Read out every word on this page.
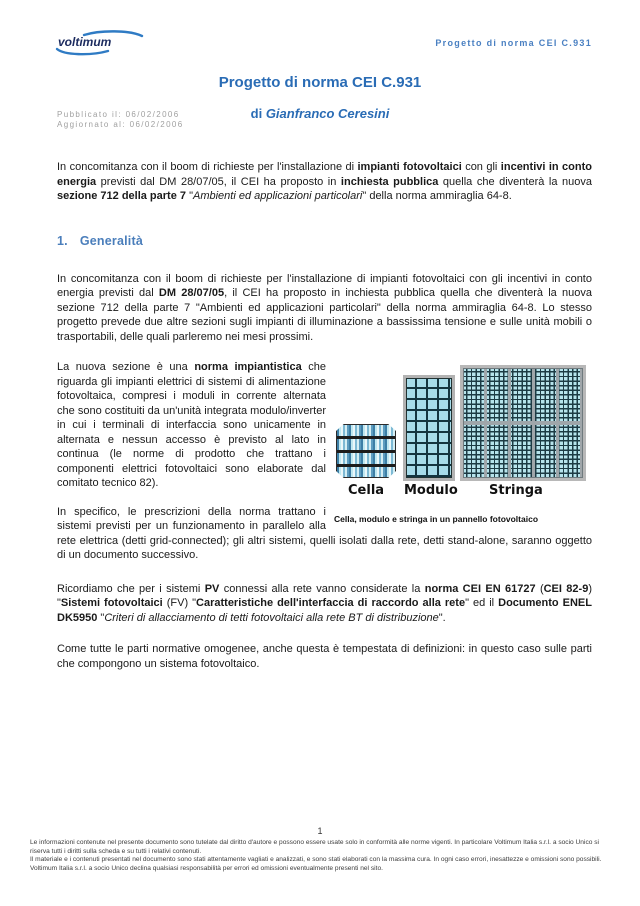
voltimum	Progetto di norma CEI C.931
Progetto di norma CEI C.931
di Gianfranco Ceresini
Pubblicato il: 06/02/2006
Aggiornato al: 06/02/2006

In concomitanza con il boom di richieste per l'installazione di impianti fotovoltaici con gli incentivi in conto energia previsti dal DM 28/07/05, il CEI ha proposto in inchiesta pubblica quella che diventerà la nuova sezione 712 della parte 7 "Ambienti ed applicazioni particolari" della norma ammiraglia 64-8.

1. Generalità

In concomitanza con il boom di richieste per l'installazione di impianti fotovoltaici con gli incentivi in conto energia previsti dal DM 28/07/05, il CEI ha proposto in inchiesta pubblica quella che diventerà la nuova sezione 712 della parte 7 "Ambienti ed applicazioni particolari" della norma ammiraglia 64-8. Lo stesso progetto prevede due altre sezioni sugli impianti di illuminazione a bassissima tensione e sulle unità mobili o trasportabili, delle quali parleremo nei mesi prossimi.

Cella Modulo Stringa
Cella, modulo e stringa in un pannello fotovoltaico

La nuova sezione è una norma impiantistica che riguarda gli impianti elettrici di sistemi di alimentazione fotovoltaica, compresi i moduli in corrente alternata che sono costituiti da un'unità integrata modulo/inverter in cui i terminali di interfaccia sono unicamente in alternata e nessun accesso è previsto al lato in continua (le norme di prodotto che trattano i componenti elettrici fotovoltaici sono elaborate dal comitato tecnico 82).

In specifico, le prescrizioni della norma trattano i sistemi previsti per un funzionamento in parallelo alla rete elettrica (detti grid-connected); gli altri sistemi, quelli isolati dalla rete, detti stand-alone, saranno oggetto di un documento successivo.

Ricordiamo che per i sistemi PV connessi alla rete vanno considerate la norma CEI EN 61727 (CEI 82-9) "Sistemi fotovoltaici (FV) "Caratteristiche dell'interfaccia di raccordo alla rete" ed il Documento ENEL DK5950 "Criteri di allacciamento di tetti fotovoltaici alla rete BT di distribuzione".

Come tutte le parti normative omogenee, anche questa è tempestata di definizioni: in questo caso sulle parti che compongono un sistema fotovoltaico.

1

Le informazioni contenute nel presente documento sono tutelate dal diritto d'autore e possono essere usate solo in conformità alle norme vigenti. In particolare Voltimum Italia s.r.l. a socio Unico si riserva tutti i diritti sulla scheda e su tutti i relativi contenuti.

Il materiale e i contenuti presentati nel documento sono stati attentamente vagliati e analizzati, e sono stati elaborati con la massima cura. In ogni caso errori, inesattezze e omissioni sono possibili. Voltimum Italia s.r.l. a socio Unico declina qualsiasi responsabilità per errori ed omissioni eventualmente presenti nel sito.
